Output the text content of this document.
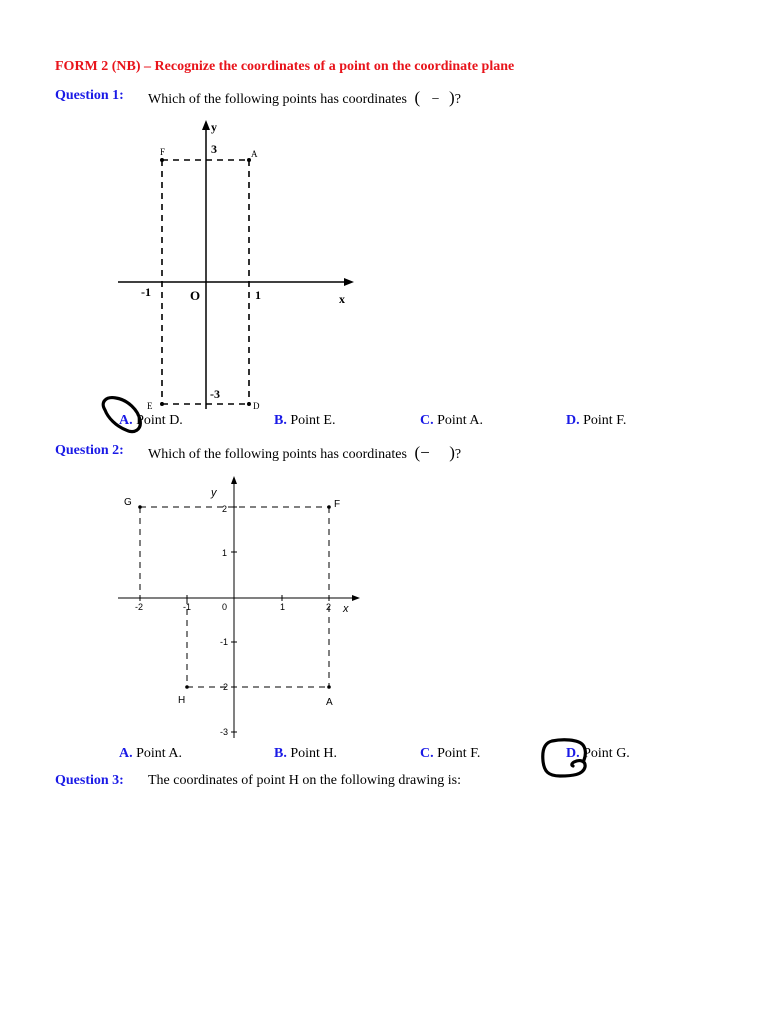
FORM 2 (NB) – Recognize the coordinates of a point on the coordinate plane
Question 1: Which of the following points has coordinates ( − )?
y
x
O
-1	1
3
-3
F	A
E	D
A. Point D.	B. Point E.	C. Point A.	D. Point F.
Question 2: Which of the following points has coordinates (− )?
y
x
-2	-1	0	1	2
2
1
-1
-2
-3
G	F
H	A
A. Point A.	B. Point H.	C. Point F.	D. Point G.
Question 3: The coordinates of point H on the following drawing is:
